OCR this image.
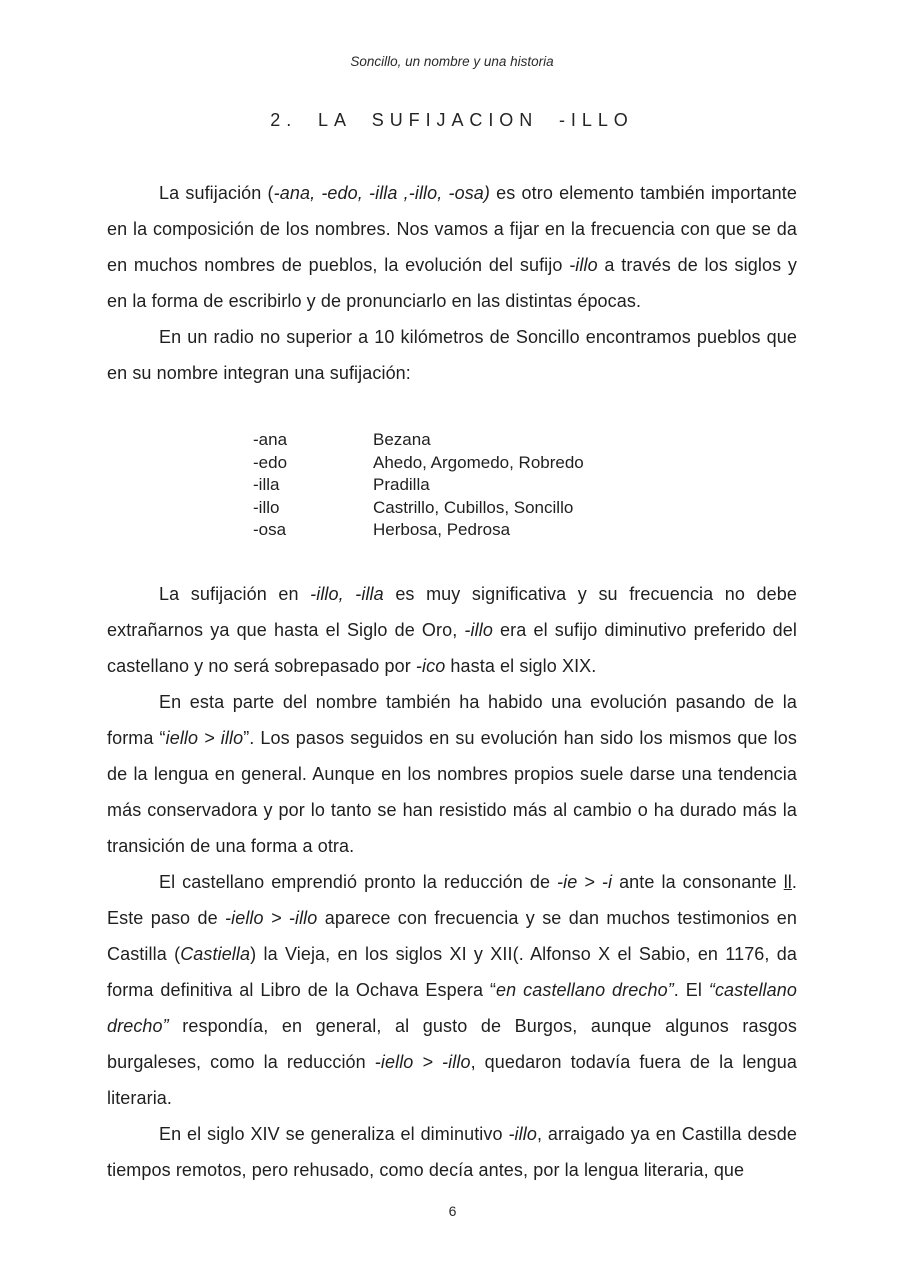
Soncillo, un nombre y una historia
2. LA SUFIJACION -ILLO

La sufijación (-ana, -edo, -illa ,-illo, -osa) es otro elemento también importante en la composición de los nombres. Nos vamos a fijar en la frecuencia con que se da en muchos nombres de pueblos, la evolución del sufijo -illo a través de los siglos y en la forma de escribirlo y de pronunciarlo en las distintas épocas.

En un radio no superior a 10 kilómetros de Soncillo encontramos pueblos que en su nombre integran una sufijación:

-ana	Bezana
-edo	Ahedo, Argomedo, Robredo
-illa	Pradilla
-illo	Castrillo, Cubillos, Soncillo
-osa	Herbosa, Pedrosa

La sufijación en -illo, -illa es muy significativa y su frecuencia no debe extrañarnos ya que hasta el Siglo de Oro, -illo era el sufijo diminutivo preferido del castellano y no será sobrepasado por -ico hasta el siglo XIX.

En esta parte del nombre también ha habido una evolución pasando de la forma “iello > illo”. Los pasos seguidos en su evolución han sido los mismos que los de la lengua en general. Aunque en los nombres propios suele darse una tendencia más conservadora y por lo tanto se han resistido más al cambio o ha durado más la transición de una forma a otra.

El castellano emprendió pronto la reducción de -ie > -i ante la consonante ll. Este paso de -iello > -illo aparece con frecuencia y se dan muchos testimonios en Castilla (Castiella) la Vieja, en los siglos XI y XII(. Alfonso X el Sabio, en 1176, da forma definitiva al Libro de la Ochava Espera “en castellano drecho”. El “castellano drecho” respondía, en general, al gusto de Burgos, aunque algunos rasgos burgaleses, como la reducción -iello > -illo, quedaron todavía fuera de la lengua literaria.

En el siglo XIV se generaliza el diminutivo -illo, arraigado ya en Castilla desde tiempos remotos, pero rehusado, como decía antes, por la lengua literaria, que

6
